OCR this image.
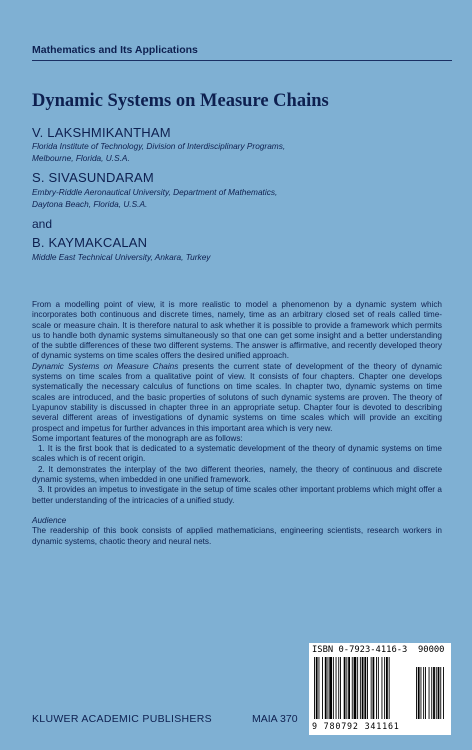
Mathematics and Its Applications
Dynamic Systems on Measure Chains
V. LAKSHMIKANTHAM
Florida Institute of Technology, Division of Interdisciplinary Programs,
Melbourne, Florida, U.S.A.
S. SIVASUNDARAM
Embry-Riddle Aeronautical University, Department of Mathematics,
Daytona Beach, Florida, U.S.A.
and
B. KAYMAKCALAN
Middle East Technical University, Ankara, Turkey

From a modelling point of view, it is more realistic to model a phenomenon by a dynamic system which incorporates both continuous and discrete times, namely, time as an arbitrary closed set of reals called time-scale or measure chain. It is therefore natural to ask whether it is possible to provide a framework which permits us to handle both dynamic systems simultaneously so that one can get some insight and a better understanding of the subtle differences of these two different systems. The answer is affirmative, and recently developed theory of dynamic systems on time scales offers the desired unified approach.

Dynamic Systems on Measure Chains presents the current state of development of the theory of dynamic systems on time scales from a qualitative point of view. It consists of four chapters. Chapter one develops systematically the necessary calculus of functions on time scales. In chapter two, dynamic systems on time scales are introduced, and the basic properties of solutons of such dynamic systems are proven. The theory of Lyapunov stability is discussed in chapter three in an appropriate setup. Chapter four is devoted to describing several different areas of investigations of dynamic systems on time scales which will provide an exciting prospect and impetus for further advances in this important area which is very new.

Some important features of the monograph are as follows:

1. It is the first book that is dedicated to a systematic development of the theory of dynamic systems on time scales which is of recent origin.

2. It demonstrates the interplay of the two different theories, namely, the theory of continuous and discrete dynamic systems, when imbedded in one unified framework.

3. It provides an impetus to investigate in the setup of time scales other important problems which might offer a better understanding of the intricacies of a unified study.

Audience

The readership of this book consists of applied mathematicians, engineering scientists, research workers in dynamic systems, chaotic theory and neural nets.

KLUWER ACADEMIC PUBLISHERS	MAIA 370
ISBN 0-7923-4116-3 90000
9 780792 341161
